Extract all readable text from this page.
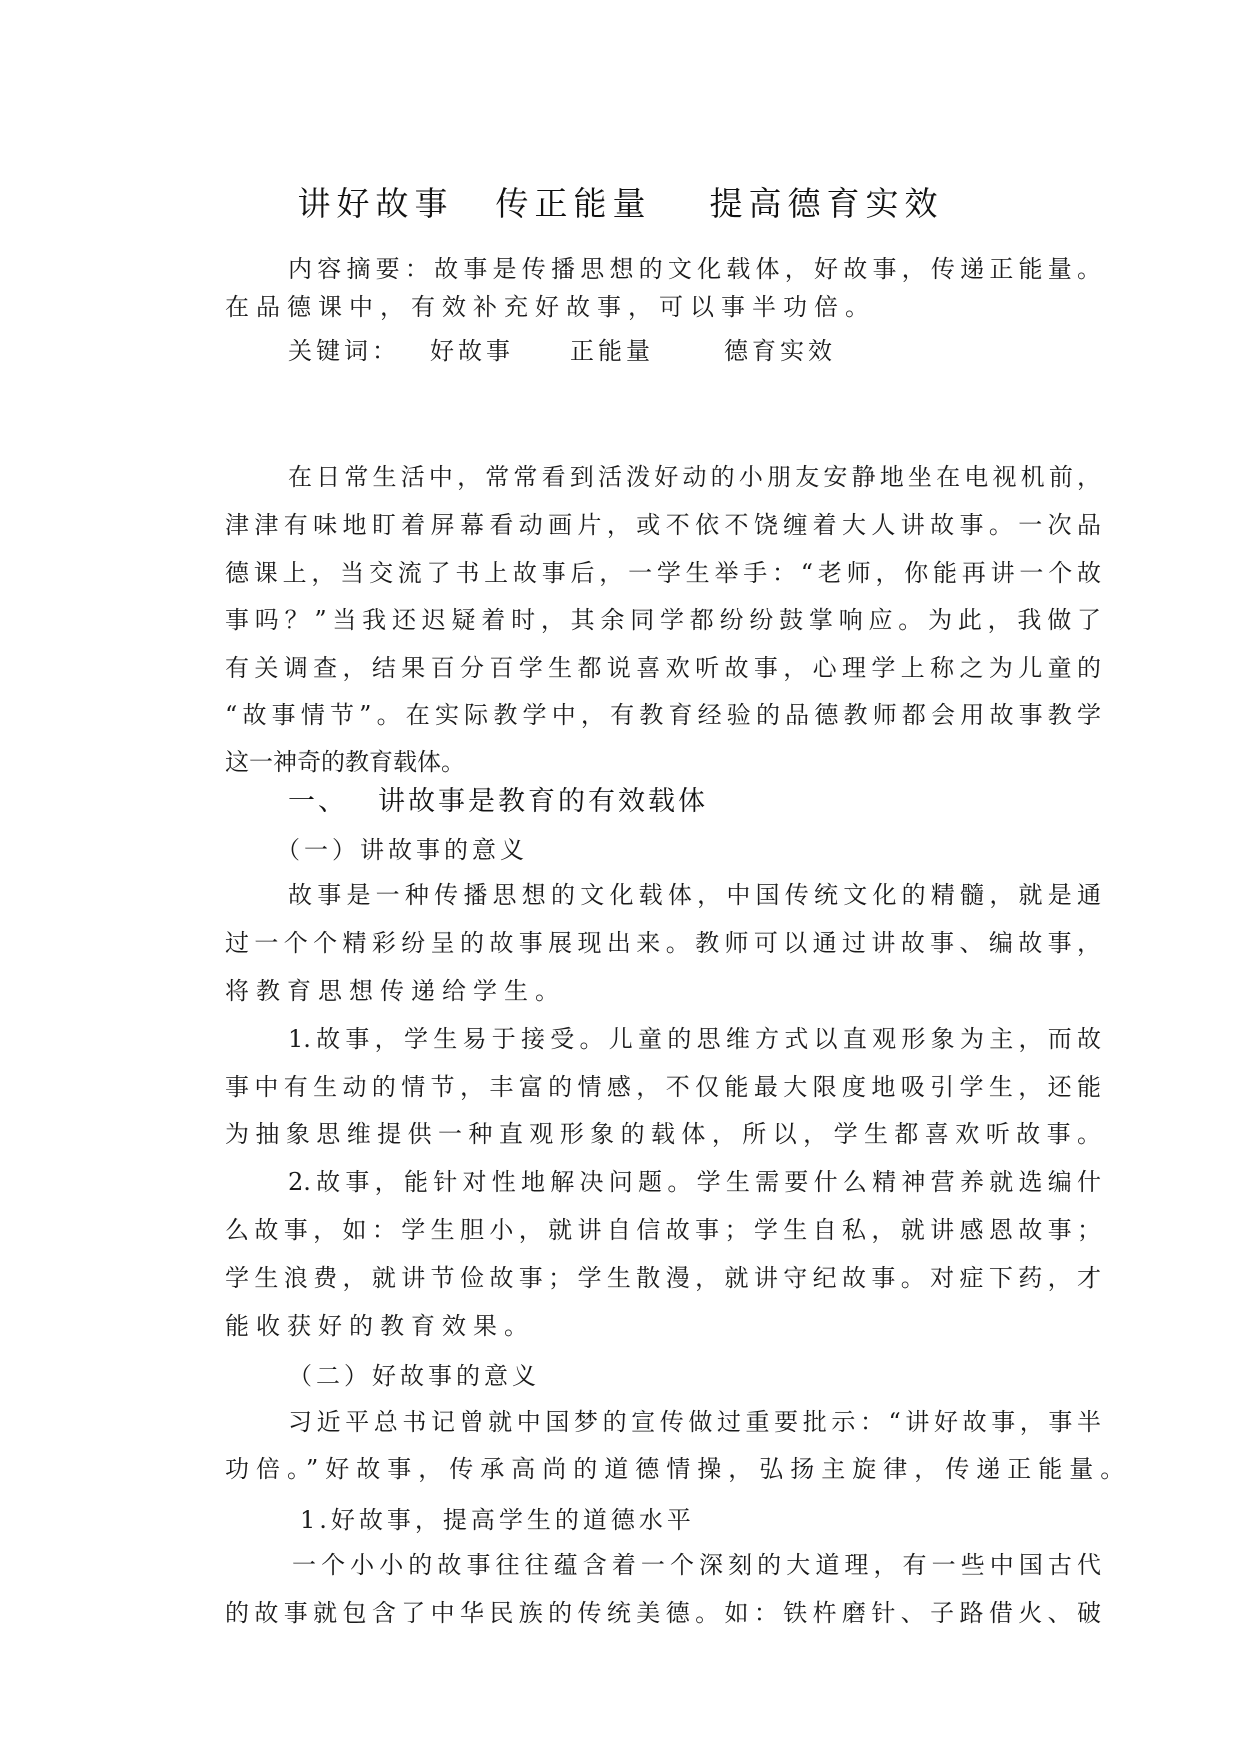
讲好故事 传正能量 提高德育实效
内容摘要：故事是传播思想的文化载体，好故事，传递正能量。
在品德课中，有效补充好故事，可以事半功倍。
关键词： 好故事 正能量	德育实效
在日常生活中，常常看到活泼好动的小朋友安静地坐在电视机前，
津津有味地盯着屏幕看动画片，或不依不饶缠着大人讲故事。一次品
德课上，当交流了书上故事后，一学生举手：“老师，你能再讲一个故
事吗？”当我还迟疑着时，其余同学都纷纷鼓掌响应。为此，我做了
有关调查，结果百分百学生都说喜欢听故事，心理学上称之为儿童的
“故事情节”。在实际教学中，有教育经验的品德教师都会用故事教学
这一神奇的教育载体。
一、 讲故事是教育的有效载体
（一）讲故事的意义
故事是一种传播思想的文化载体，中国传统文化的精髓，就是通
过一个个精彩纷呈的故事展现出来。教师可以通过讲故事、编故事，
将教育思想传递给学生。
1.故事，学生易于接受。儿童的思维方式以直观形象为主，而故
事中有生动的情节，丰富的情感，不仅能最大限度地吸引学生，还能
为抽象思维提供一种直观形象的载体，所以，学生都喜欢听故事。
2.故事，能针对性地解决问题。学生需要什么精神营养就选编什
么故事，如：学生胆小，就讲自信故事；学生自私，就讲感恩故事；
学生浪费，就讲节俭故事；学生散漫，就讲守纪故事。对症下药，才
能收获好的教育效果。
（二）好故事的意义
习近平总书记曾就中国梦的宣传做过重要批示：“讲好故事，事半
功倍。”好故事，传承高尚的道德情操，弘扬主旋律，传递正能量。
1.好故事，提高学生的道德水平
一个小小的故事往往蕴含着一个深刻的大道理，有一些中国古代
的故事就包含了中华民族的传统美德。如：铁杵磨针、子路借火、破
